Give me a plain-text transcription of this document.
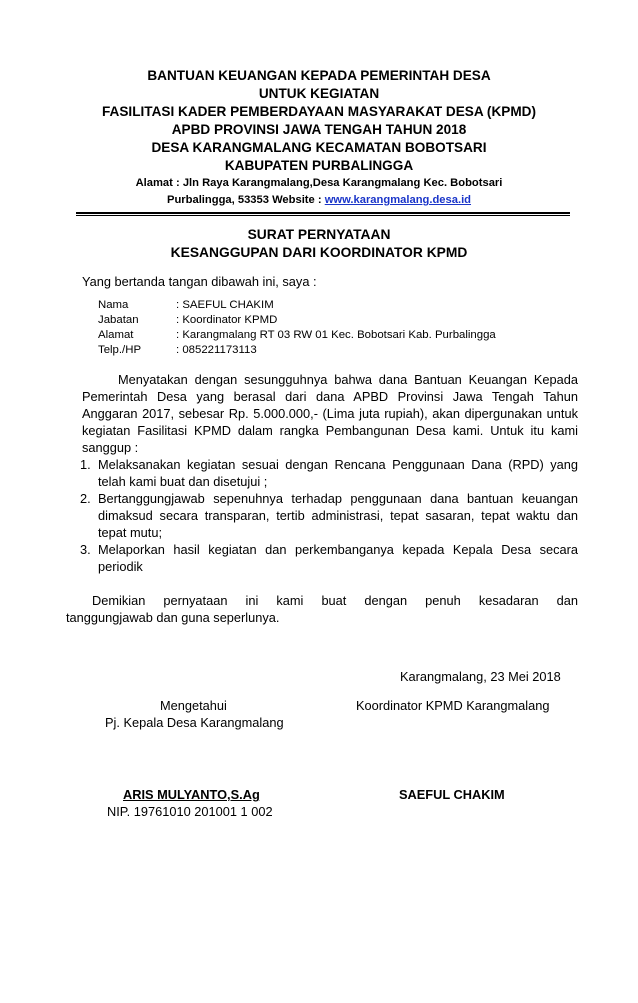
BANTUAN KEUANGAN KEPADA PEMERINTAH DESA
UNTUK KEGIATAN
FASILITASI KADER PEMBERDAYAAN MASYARAKAT DESA (KPMD)
APBD PROVINSI JAWA TENGAH TAHUN 2018
DESA KARANGMALANG KECAMATAN BOBOTSARI
KABUPATEN PURBALINGGA
Alamat : Jln Raya Karangmalang,Desa Karangmalang Kec. Bobotsari
Purbalingga, 53353 Website : www.karangmalang.desa.id
SURAT PERNYATAAN
KESANGGUPAN DARI KOORDINATOR KPMD
Yang bertanda tangan dibawah ini, saya :
Nama	: SAEFUL CHAKIM
Jabatan	: Koordinator KPMD
Alamat	: Karangmalang RT 03 RW 01 Kec. Bobotsari Kab. Purbalingga
Telp./HP	: 085221173113
Menyatakan dengan sesungguhnya bahwa dana Bantuan Keuangan Kepada
Pemerintah Desa yang berasal dari dana APBD Provinsi Jawa Tengah Tahun
Anggaran 2017, sebesar Rp. 5.000.000,- (Lima juta rupiah), akan dipergunakan untuk
kegiatan Fasilitasi KPMD dalam rangka Pembangunan Desa kami. Untuk itu kami
sanggup :
1. Melaksanakan kegiatan sesuai dengan Rencana Penggunaan Dana (RPD) yang
telah kami buat dan disetujui ;
2. Bertanggungjawab sepenuhnya terhadap penggunaan dana bantuan keuangan
dimaksud secara transparan, tertib administrasi, tepat sasaran, tepat waktu dan
tepat mutu;
3. Melaporkan hasil kegiatan dan perkembanganya kepada Kepala Desa secara
periodik
Demikian pernyataan ini kami buat dengan penuh kesadaran dan
tanggungjawab dan guna seperlunya.
Karangmalang, 23 Mei 2018
Mengetahui	Koordinator KPMD Karangmalang
Pj. Kepala Desa Karangmalang
ARIS MULYANTO,S.Ag	SAEFUL CHAKIM
NIP. 19761010 201001 1 002
